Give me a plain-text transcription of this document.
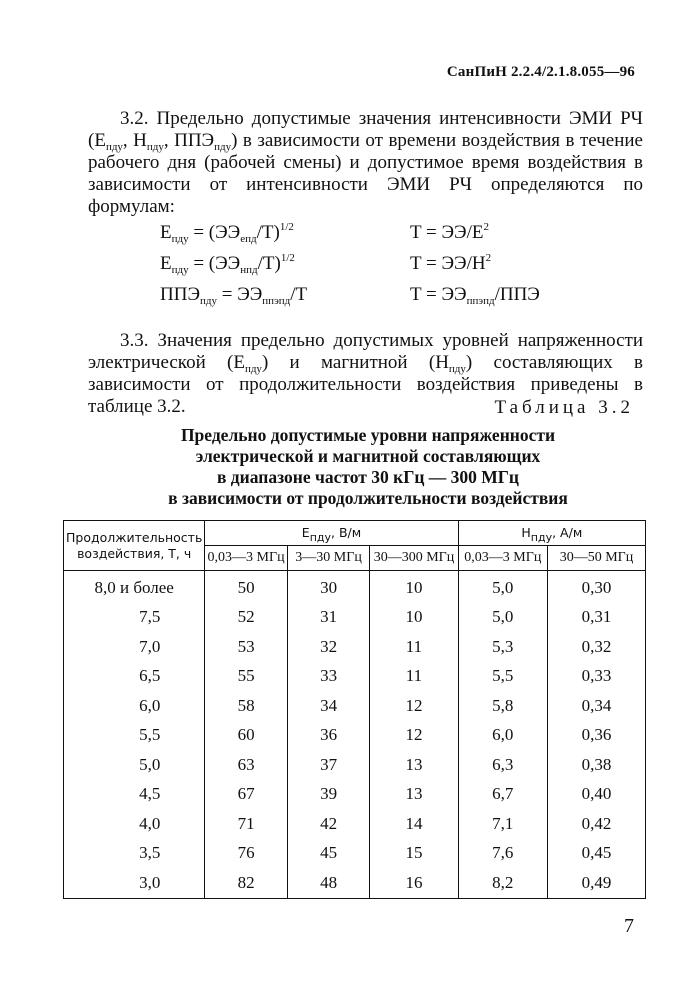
СанПиН 2.2.4/2.1.8.055—96
3.2. Предельно допустимые значения интенсивности ЭМИ РЧ ($E_{пду}$, $H_{пду}$, $ППЭ_{пду}$) в зависимости от времени воздействия в течение рабочего дня (рабочей смены) и допустимое время воздействия в зависимости от интенсивности ЭМИ РЧ определяются по формулам:
$E_{пду} = (ЭЭ_{епд}/T)^{1/2}$	$T = ЭЭ/E^2$
$E_{пду} = (ЭЭ_{нпд}/T)^{1/2}$	$T = ЭЭ/H^2$
$ППЭ_{пду} = ЭЭ_{ппэпд}/T$	$T = ЭЭ_{ппэпд}$/ППЭ
3.3. Значения предельно допустимых уровней напряженности электрической $(E_{пду})$ и магнитной $(H_{пду})$ составляющих в зависимости от продолжительности воздействия приведены в таблице 3.2.	Таблица 3.2
Предельно допустимые уровни напряженности
электрической и магнитной составляющих
в диапазоне частот 30 кГц — 300 МГц
в зависимости от продолжительности воздействия
Продолжительность воздействия, T, ч	$E_{пду}$, В/м			$H_{пду}$, А/м	
	0,03—3 МГц	3—30 МГц	30—300 МГц	0,03—3 МГц	30—50 МГц
8,0 и более	50	30	10	5,0	0,30
7,5	52	31	10	5,0	0,31
7,0	53	32	11	5,3	0,32
6,5	55	33	11	5,5	0,33
6,0	58	34	12	5,8	0,34
5,5	60	36	12	6,0	0,36
5,0	63	37	13	6,3	0,38
4,5	67	39	13	6,7	0,40
4,0	71	42	14	7,1	0,42
3,5	76	45	15	7,6	0,45
3,0	82	48	16	8,2	0,49
7
